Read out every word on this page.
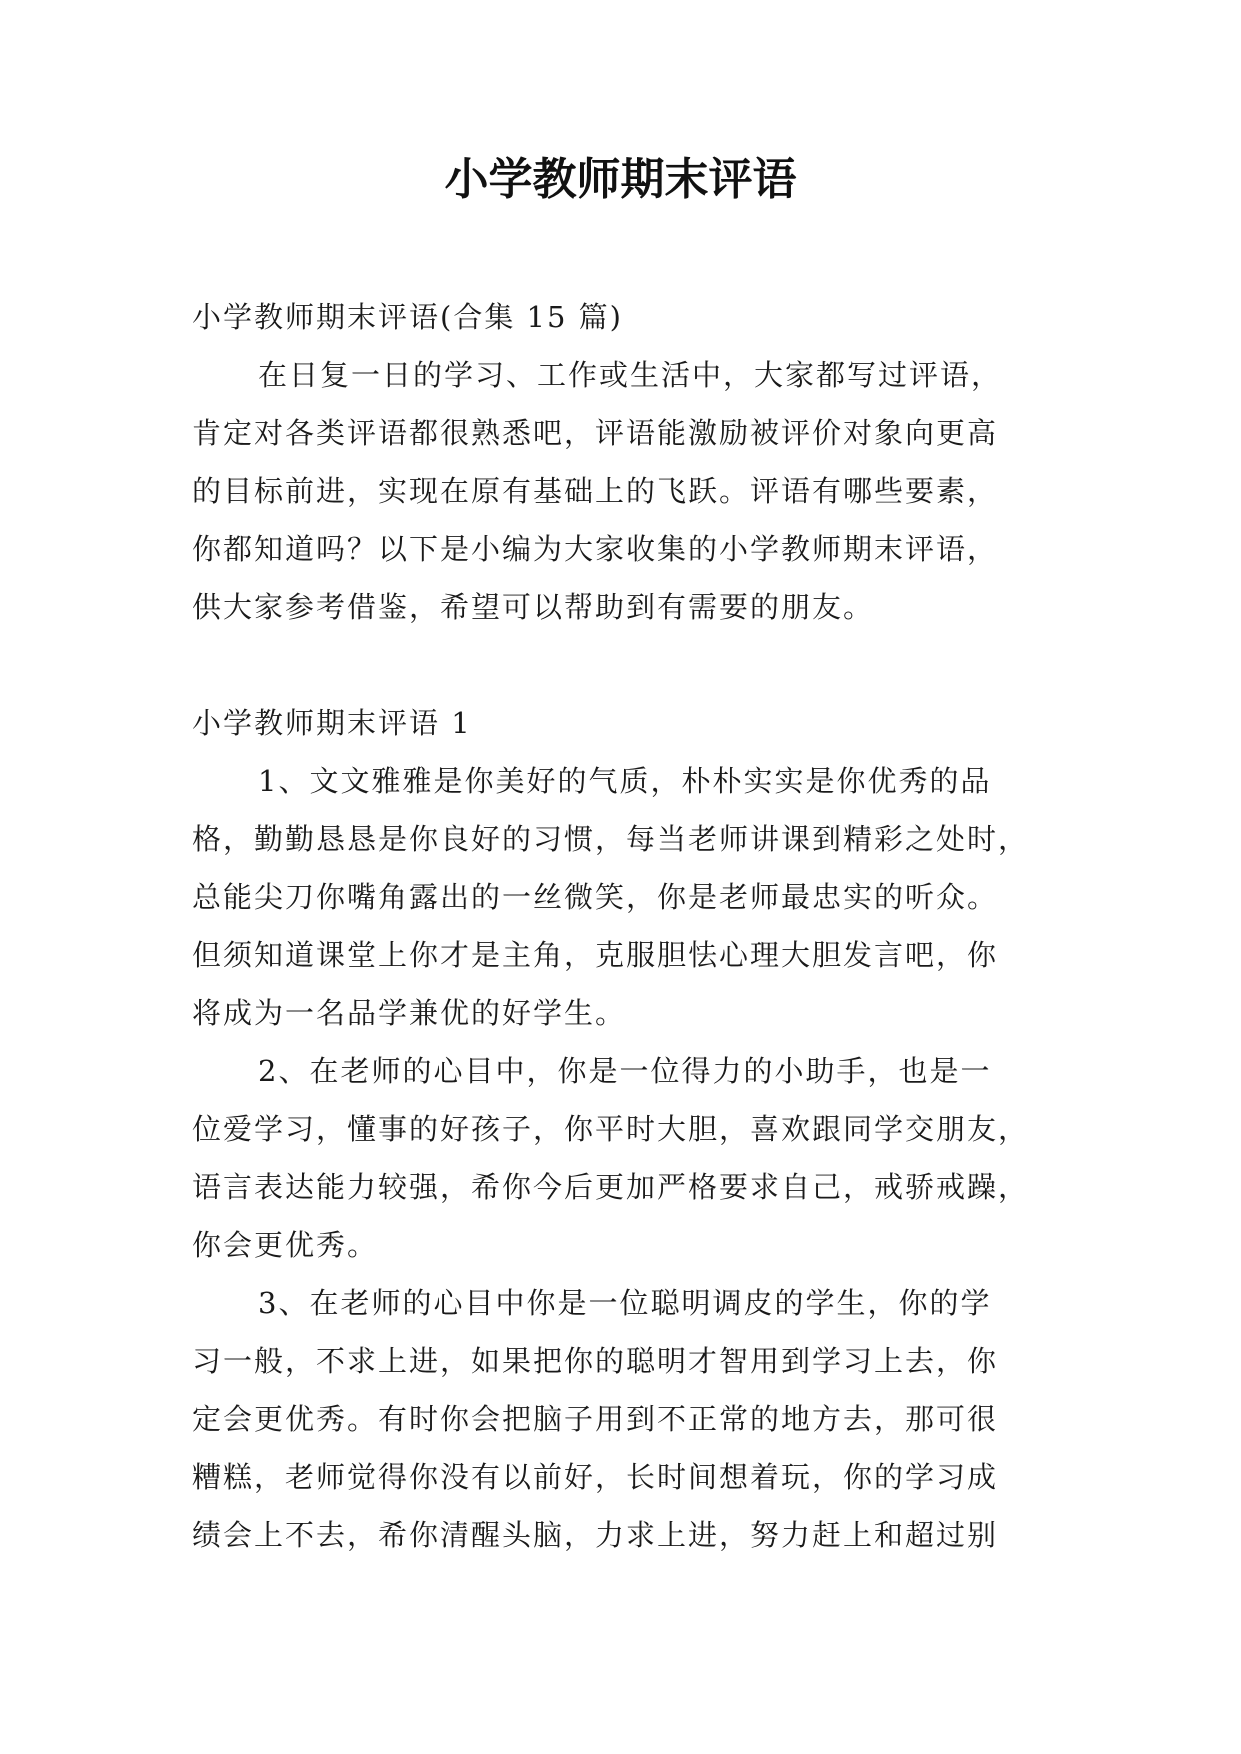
小学教师期末评语

小学教师期末评语(合集 15 篇)

在日复一日的学习、工作或生活中，大家都写过评语，
肯定对各类评语都很熟悉吧，评语能激励被评价对象向更高
的目标前进，实现在原有基础上的飞跃。评语有哪些要素，
你都知道吗？以下是小编为大家收集的小学教师期末评语，
供大家参考借鉴，希望可以帮助到有需要的朋友。

小学教师期末评语 1

1、文文雅雅是你美好的气质，朴朴实实是你优秀的品
格，勤勤恳恳是你良好的习惯，每当老师讲课到精彩之处时，
总能尖刀你嘴角露出的一丝微笑，你是老师最忠实的听众。
但须知道课堂上你才是主角，克服胆怯心理大胆发言吧，你
将成为一名品学兼优的好学生。

2、在老师的心目中，你是一位得力的小助手，也是一
位爱学习，懂事的好孩子，你平时大胆，喜欢跟同学交朋友，
语言表达能力较强，希你今后更加严格要求自己，戒骄戒躁，
你会更优秀。

3、在老师的心目中你是一位聪明调皮的学生，你的学
习一般，不求上进，如果把你的聪明才智用到学习上去，你
定会更优秀。有时你会把脑子用到不正常的地方去，那可很
糟糕，老师觉得你没有以前好，长时间想着玩，你的学习成
绩会上不去，希你清醒头脑，力求上进，努力赶上和超过别
